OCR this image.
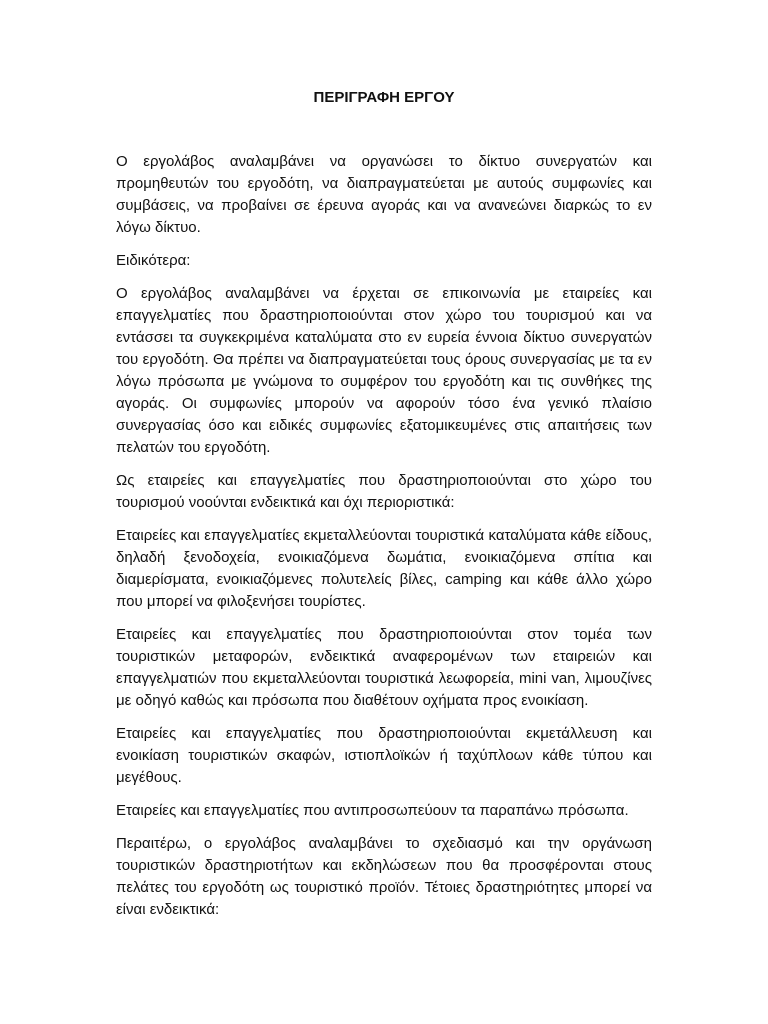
ΠΕΡΙΓΡΑΦΗ ΕΡΓΟΥ

Ο εργολάβος αναλαμβάνει να οργανώσει το δίκτυο συνεργατών και προμηθευτών του εργοδότη, να διαπραγματεύεται με αυτούς συμφωνίες και συμβάσεις, να προβαίνει σε έρευνα αγοράς και να ανανεώνει διαρκώς το εν λόγω δίκτυο.

Ειδικότερα:

Ο εργολάβος αναλαμβάνει να έρχεται σε επικοινωνία με εταιρείες και επαγγελματίες που δραστηριοποιούνται στον χώρο του τουρισμού και να εντάσσει τα συγκεκριμένα καταλύματα στο εν ευρεία έννοια δίκτυο συνεργατών του εργοδότη. Θα πρέπει να διαπραγματεύεται τους όρους συνεργασίας με τα εν λόγω πρόσωπα με γνώμονα το συμφέρον του εργοδότη και τις συνθήκες της αγοράς. Οι συμφωνίες μπορούν να αφορούν τόσο ένα γενικό πλαίσιο συνεργασίας όσο και ειδικές συμφωνίες εξατομικευμένες στις απαιτήσεις των πελατών του εργοδότη.

Ως εταιρείες και επαγγελματίες που δραστηριοποιούνται στο χώρο του τουρισμού νοούνται ενδεικτικά και όχι περιοριστικά:

Εταιρείες και επαγγελματίες εκμεταλλεύονται τουριστικά καταλύματα κάθε είδους, δηλαδή ξενοδοχεία, ενοικιαζόμενα δωμάτια, ενοικιαζόμενα σπίτια και διαμερίσματα, ενοικιαζόμενες πολυτελείς βίλες, camping και κάθε άλλο χώρο που μπορεί να φιλοξενήσει τουρίστες.

Εταιρείες και επαγγελματίες που δραστηριοποιούνται στον τομέα των τουριστικών μεταφορών, ενδεικτικά αναφερομένων των εταιρειών και επαγγελματιών που εκμεταλλεύονται τουριστικά λεωφορεία, mini van, λιμουζίνες με οδηγό καθώς και πρόσωπα που διαθέτουν οχήματα προς ενοικίαση.

Εταιρείες και επαγγελματίες που δραστηριοποιούνται εκμετάλλευση και ενοικίαση τουριστικών σκαφών, ιστιοπλοϊκών ή ταχύπλοων κάθε τύπου και μεγέθους.

Εταιρείες και επαγγελματίες που αντιπροσωπεύουν τα παραπάνω πρόσωπα.

Περαιτέρω, ο εργολάβος αναλαμβάνει το σχεδιασμό και την οργάνωση τουριστικών δραστηριοτήτων και εκδηλώσεων που θα προσφέρονται στους πελάτες του εργοδότη ως τουριστικό προϊόν. Τέτοιες δραστηριότητες μπορεί να είναι ενδεικτικά:
